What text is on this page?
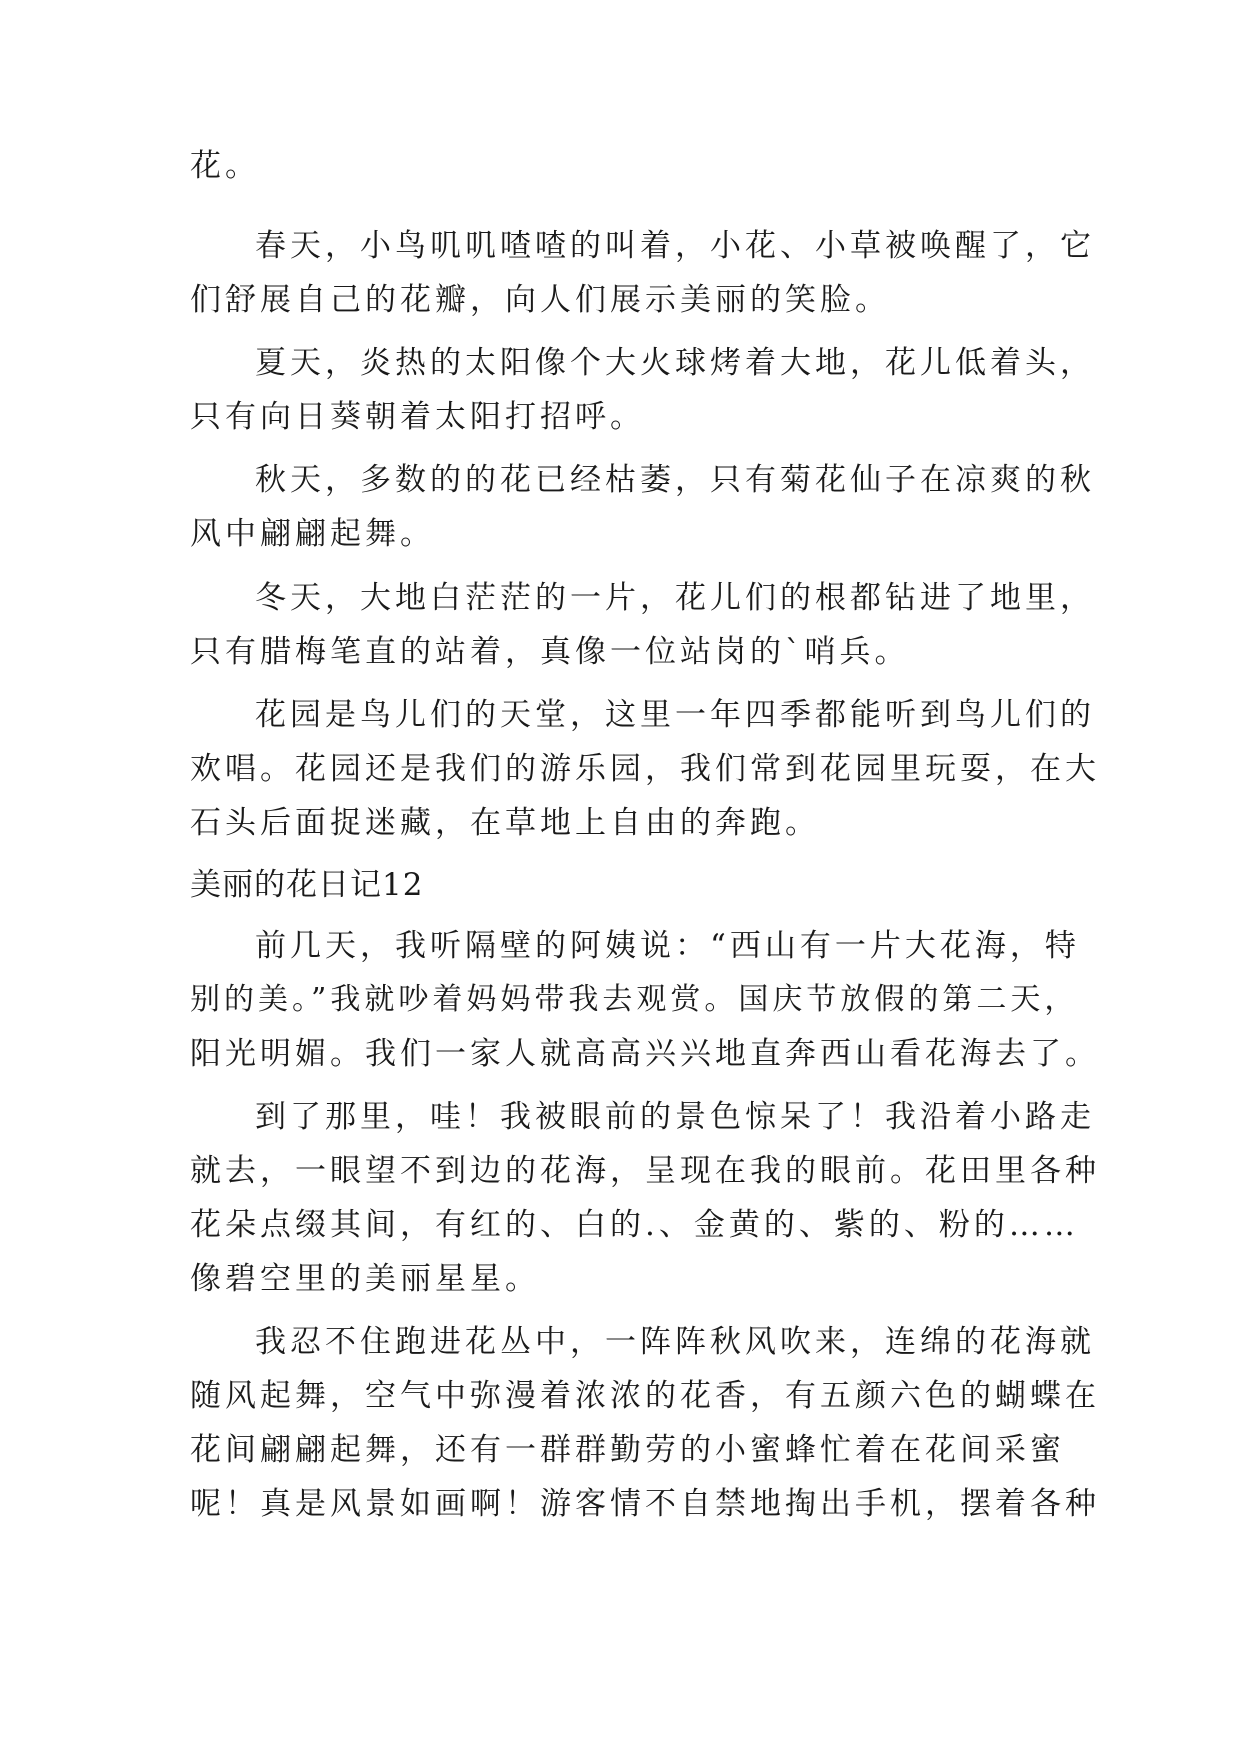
花。
春天，小鸟叽叽喳喳的叫着，小花、小草被唤醒了，它
们舒展自己的花瓣，向人们展示美丽的笑脸。
夏天，炎热的太阳像个大火球烤着大地，花儿低着头，
只有向日葵朝着太阳打招呼。
秋天，多数的的花已经枯萎，只有菊花仙子在凉爽的秋
风中翩翩起舞。
冬天，大地白茫茫的一片，花儿们的根都钻进了地里，
只有腊梅笔直的站着，真像一位站岗的`哨兵。
花园是鸟儿们的天堂，这里一年四季都能听到鸟儿们的
欢唱。花园还是我们的游乐园，我们常到花园里玩耍，在大
石头后面捉迷藏，在草地上自由的奔跑。
美丽的花日记12
前几天，我听隔壁的阿姨说：“西山有一片大花海，特
别的美。”我就吵着妈妈带我去观赏。国庆节放假的第二天，
阳光明媚。我们一家人就高高兴兴地直奔西山看花海去了。
到了那里，哇！我被眼前的景色惊呆了！我沿着小路走
就去，一眼望不到边的花海，呈现在我的眼前。花田里各种
花朵点缀其间，有红的、白的.、金黄的、紫的、粉的……
像碧空里的美丽星星。
我忍不住跑进花丛中，一阵阵秋风吹来，连绵的花海就
随风起舞，空气中弥漫着浓浓的花香，有五颜六色的蝴蝶在
花间翩翩起舞，还有一群群勤劳的小蜜蜂忙着在花间采蜜
呢！真是风景如画啊！游客情不自禁地掏出手机，摆着各种
